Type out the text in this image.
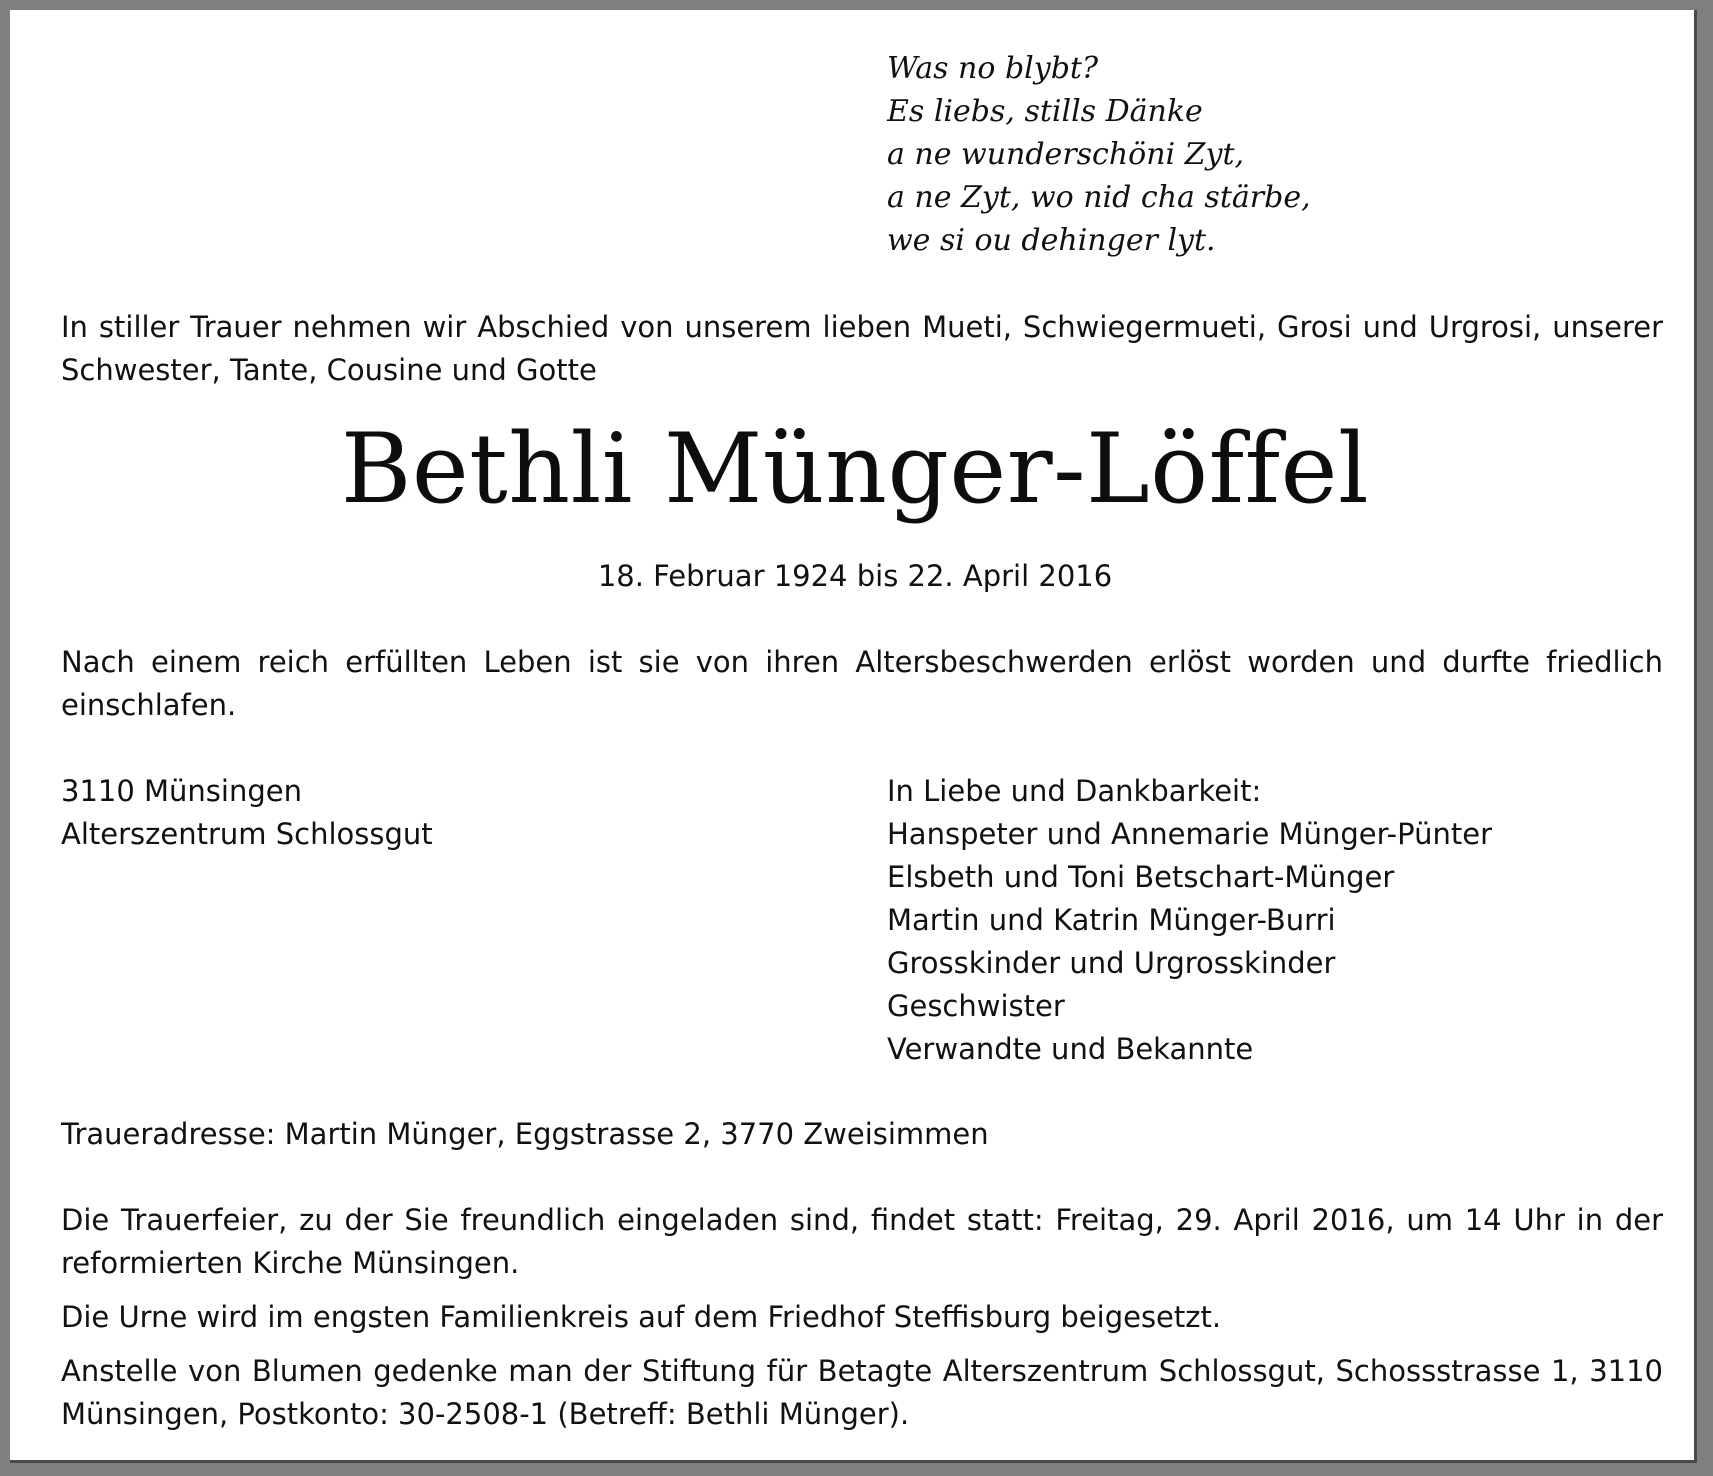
Was no blybt?
Es liebs, stills Dänke
a ne wunderschöni Zyt,
a ne Zyt, wo nid cha stärbe,
we si ou dehinger lyt.
In stiller Trauer nehmen wir Abschied von unserem lieben Mueti, Schwiegermueti, Grosi und Urgrosi, unserer Schwester, Tante, Cousine und Gotte
Bethli Münger-Löffel
18. Februar 1924 bis 22. April 2016
Nach einem reich erfüllten Leben ist sie von ihren Altersbeschwerden erlöst worden und durfte friedlich einschlafen.
3110 Münsingen
Alterszentrum Schlossgut
In Liebe und Dankbarkeit:
Hanspeter und Annemarie Münger-Pünter
Elsbeth und Toni Betschart-Münger
Martin und Katrin Münger-Burri
Grosskinder und Urgrosskinder
Geschwister
Verwandte und Bekannte
Traueradresse: Martin Münger, Eggstrasse 2, 3770 Zweisimmen
Die Trauerfeier, zu der Sie freundlich eingeladen sind, findet statt: Freitag, 29. April 2016, um 14 Uhr in der reformierten Kirche Münsingen.
Die Urne wird im engsten Familienkreis auf dem Friedhof Steffisburg beigesetzt.
Anstelle von Blumen gedenke man der Stiftung für Betagte Alterszentrum Schlossgut, Schossstrasse 1, 3110 Münsingen, Postkonto: 30-2508-1 (Betreff: Bethli Münger).
